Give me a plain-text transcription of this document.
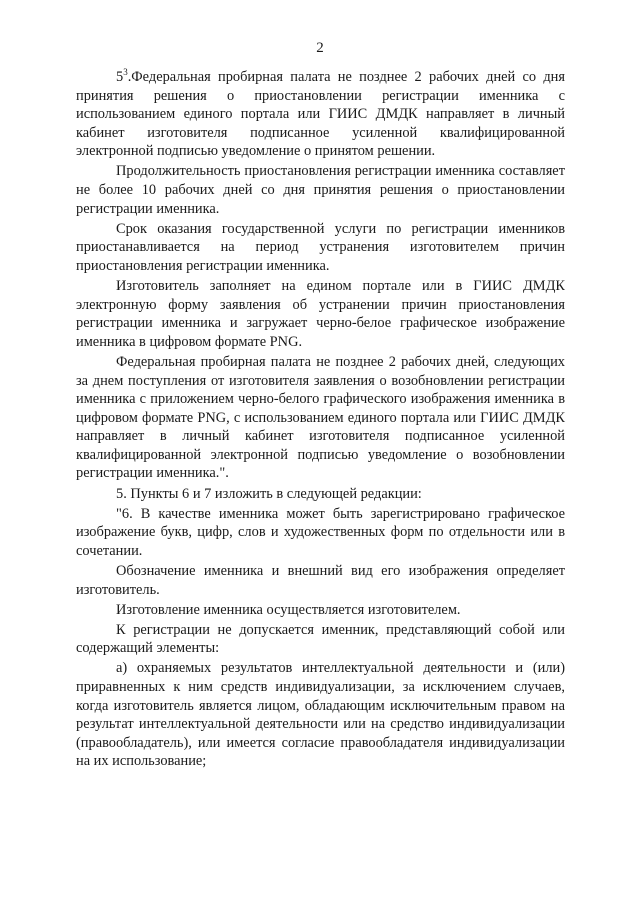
2

$5^3.Федеральная$ пробирная палата не позднее 2 рабочих дней со дня принятия решения о приостановлении регистрации именника с использованием единого портала или ГИИС ДМДК направляет в личный кабинет изготовителя подписанное усиленной квалифицированной электронной подписью уведомление о принятом решении.

Продолжительность приостановления регистрации именника составляет не более 10 рабочих дней со дня принятия решения о приостановлении регистрации именника.

Срок оказания государственной услуги по регистрации именников приостанавливается на период устранения изготовителем причин приостановления регистрации именника.

Изготовитель заполняет на едином портале или в ГИИС ДМДК электронную форму заявления об устранении причин приостановления регистрации именника и загружает черно-белое графическое изображение именника в цифровом формате PNG.

Федеральная пробирная палата не позднее 2 рабочих дней, следующих за днем поступления от изготовителя заявления о возобновлении регистрации именника с приложением черно-белого графического изображения именника в цифровом формате PNG, с использованием единого портала или ГИИС ДМДК направляет в личный кабинет изготовителя подписанное усиленной квалифицированной электронной подписью уведомление о возобновлении регистрации именника.".

5. Пункты 6 и 7 изложить в следующей редакции:

"6. В качестве именника может быть зарегистрировано графическое изображение букв, цифр, слов и художественных форм по отдельности или в сочетании.

Обозначение именника и внешний вид его изображения определяет изготовитель.

Изготовление именника осуществляется изготовителем.

К регистрации не допускается именник, представляющий собой или содержащий элементы:

а) охраняемых результатов интеллектуальной деятельности и (или) приравненных к ним средств индивидуализации, за исключением случаев, когда изготовитель является лицом, обладающим исключительным правом на результат интеллектуальной деятельности или на средство индивидуализации (правообладатель), или имеется согласие правообладателя индивидуализации на их использование;
